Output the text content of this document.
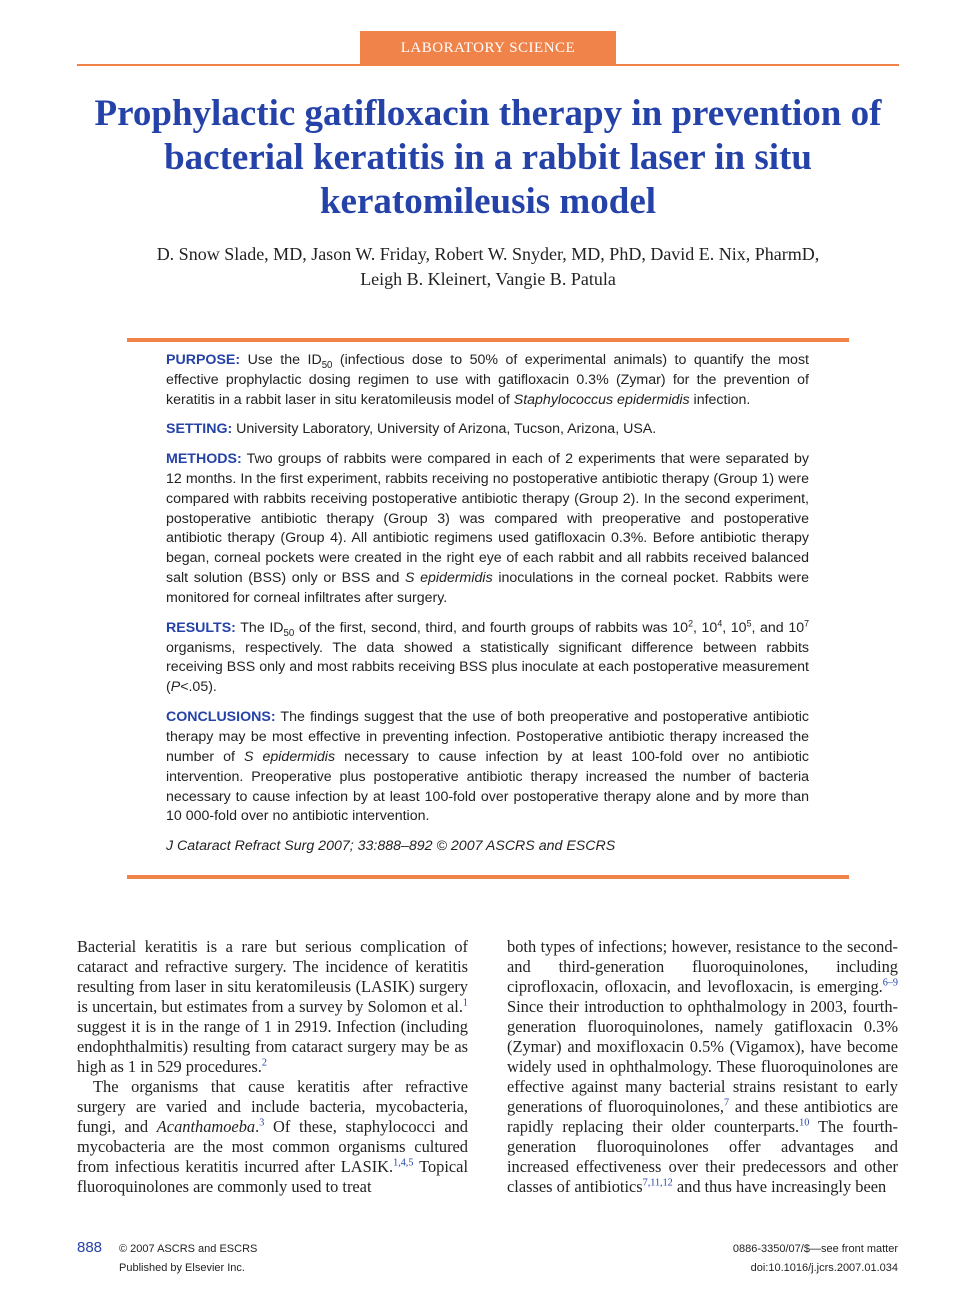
LABORATORY SCIENCE
Prophylactic gatifloxacin therapy in prevention of bacterial keratitis in a rabbit laser in situ keratomileusis model
D. Snow Slade, MD, Jason W. Friday, Robert W. Snyder, MD, PhD, David E. Nix, PharmD,
Leigh B. Kleinert, Vangie B. Patula

PURPOSE: Use the $ID_{50}$ (infectious dose to 50% of experimental animals) to quantify the most effective prophylactic dosing regimen to use with gatifloxacin 0.3% (Zymar) for the prevention of keratitis in a rabbit laser in situ keratomileusis model of Staphylococcus epidermidis infection.

SETTING: University Laboratory, University of Arizona, Tucson, Arizona, USA.

METHODS: Two groups of rabbits were compared in each of 2 experiments that were separated by 12 months. In the first experiment, rabbits receiving no postoperative antibiotic therapy (Group 1) were compared with rabbits receiving postoperative antibiotic therapy (Group 2). In the second experiment, postoperative antibiotic therapy (Group 3) was compared with preoperative and postoperative antibiotic therapy (Group 4). All antibiotic regimens used gatifloxacin 0.3%. Before antibiotic therapy began, corneal pockets were created in the right eye of each rabbit and all rabbits received balanced salt solution (BSS) only or BSS and S epidermidis inoculations in the corneal pocket. Rabbits were monitored for corneal infiltrates after surgery.

RESULTS: The $ID_{50}$ of the first, second, third, and fourth groups of rabbits was $10^2$, $10^4$, $10^5$, and $10^7$ organisms, respectively. The data showed a statistically significant difference between rabbits receiving BSS only and most rabbits receiving BSS plus inoculate at each postoperative measurement (P<.05).

CONCLUSIONS: The findings suggest that the use of both preoperative and postoperative antibiotic therapy may be most effective in preventing infection. Postoperative antibiotic therapy increased the number of S epidermidis necessary to cause infection by at least 100-fold over no antibiotic intervention. Preoperative plus postoperative antibiotic therapy increased the number of bacteria necessary to cause infection by at least 100-fold over postoperative therapy alone and by more than 10 000-fold over no antibiotic intervention.

J Cataract Refract Surg 2007; 33:888–892 © 2007 ASCRS and ESCRS

Bacterial keratitis is a rare but serious complication of cataract and refractive surgery. The incidence of keratitis resulting from laser in situ keratomileusis (LASIK) surgery is uncertain, but estimates from a survey by Solomon et al.$^1$ suggest it is in the range of 1 in 2919. Infection (including endophthalmitis) resulting from cataract surgery may be as high as 1 in 529 procedures.$^2$

The organisms that cause keratitis after refractive surgery are varied and include bacteria, mycobacteria, fungi, and Acanthamoeba.$^3$ Of these, staphylococci and mycobacteria are the most common organisms cultured from infectious keratitis incurred after LASIK.$^{1,4,5}$ Topical fluoroquinolones are commonly used to treat

both types of infections; however, resistance to the second- and third-generation fluoroquinolones, including ciprofloxacin, ofloxacin, and levofloxacin, is emerging.$^{6-9}$ Since their introduction to ophthalmology in 2003, fourth-generation fluoroquinolones, namely gatifloxacin 0.3% (Zymar) and moxifloxacin 0.5% (Vigamox), have become widely used in ophthalmology. These fluoroquinolones are effective against many bacterial strains resistant to early generations of fluoroquinolones,$^7$ and these antibiotics are rapidly replacing their older counterparts.$^{10}$ The fourth-generation fluoroquinolones offer advantages and increased effectiveness over their predecessors and other classes of antibiotics$^{7,11,12}$ and thus have increasingly been

888 © 2007 ASCRS and ESCRS
Published by Elsevier Inc.
0886-3350/07/$—see front matter
doi:10.1016/j.jcrs.2007.01.034
